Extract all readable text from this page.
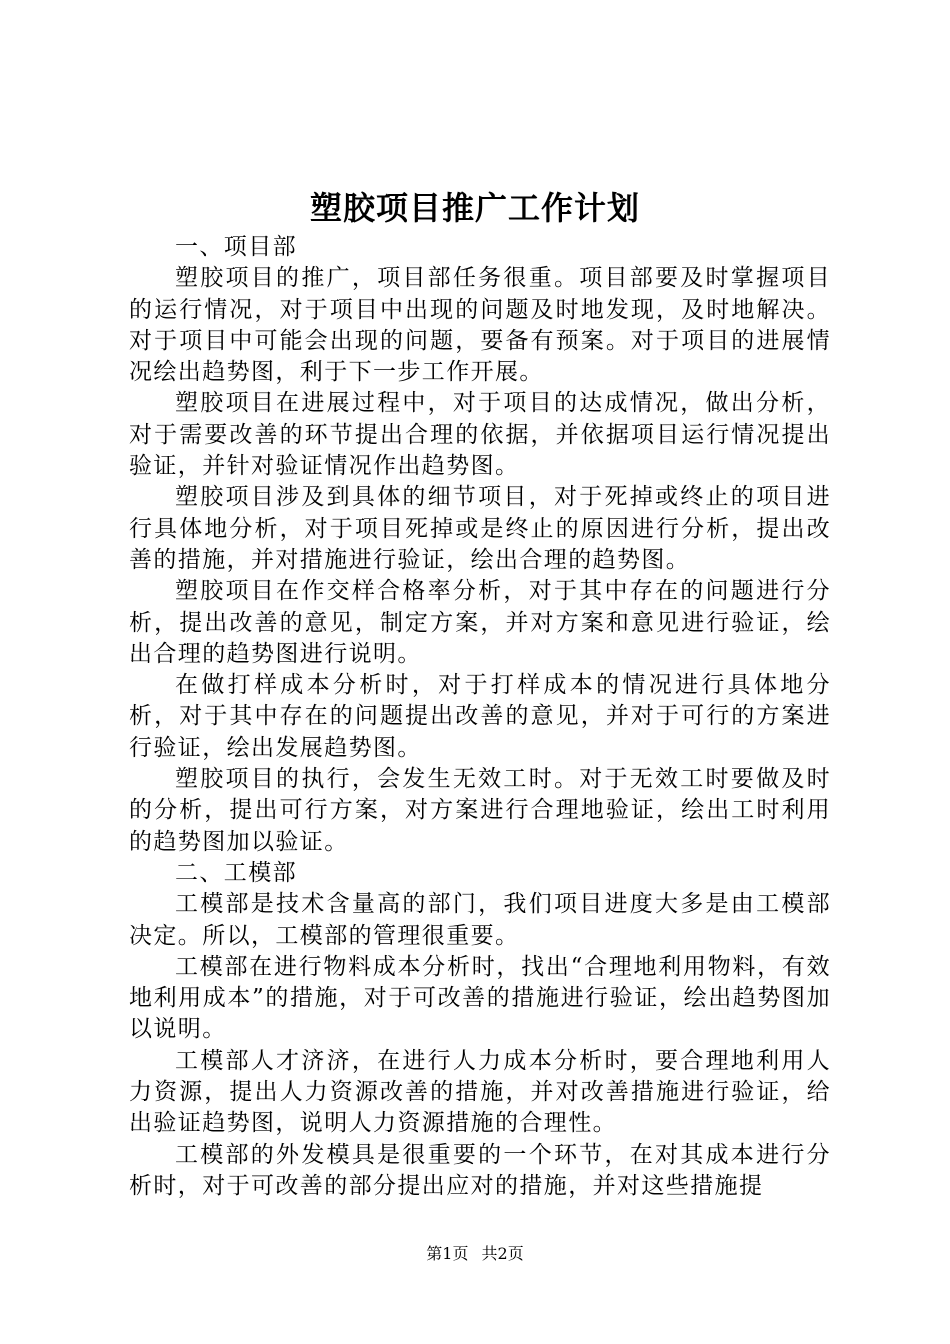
塑胶项目推广工作计划

一、项目部

塑胶项目的推广，项目部任务很重。项目部要及时掌握项目的运行情况，对于项目中出现的问题及时地发现，及时地解决。对于项目中可能会出现的问题，要备有预案。对于项目的进展情况绘出趋势图，利于下一步工作开展。

塑胶项目在进展过程中，对于项目的达成情况，做出分析，对于需要改善的环节提出合理的依据，并依据项目运行情况提出验证，并针对验证情况作出趋势图。

塑胶项目涉及到具体的细节项目，对于死掉或终止的项目进行具体地分析，对于项目死掉或是终止的原因进行分析，提出改善的措施，并对措施进行验证，绘出合理的趋势图。

塑胶项目在作交样合格率分析，对于其中存在的问题进行分析，提出改善的意见，制定方案，并对方案和意见进行验证，绘出合理的趋势图进行说明。

在做打样成本分析时，对于打样成本的情况进行具体地分析，对于其中存在的问题提出改善的意见，并对于可行的方案进行验证，绘出发展趋势图。

塑胶项目的执行，会发生无效工时。对于无效工时要做及时的分析，提出可行方案，对方案进行合理地验证，绘出工时利用的趋势图加以验证。

二、工模部

工模部是技术含量高的部门，我们项目进度大多是由工模部决定。所以，工模部的管理很重要。

工模部在进行物料成本分析时，找出“合理地利用物料，有效地利用成本”的措施，对于可改善的措施进行验证，绘出趋势图加以说明。

工模部人才济济，在进行人力成本分析时，要合理地利用人力资源，提出人力资源改善的措施，并对改善措施进行验证，给出验证趋势图，说明人力资源措施的合理性。

工模部的外发模具是很重要的一个环节，在对其成本进行分析时，对于可改善的部分提出应对的措施，并对这些措施提

第1页 共2页
